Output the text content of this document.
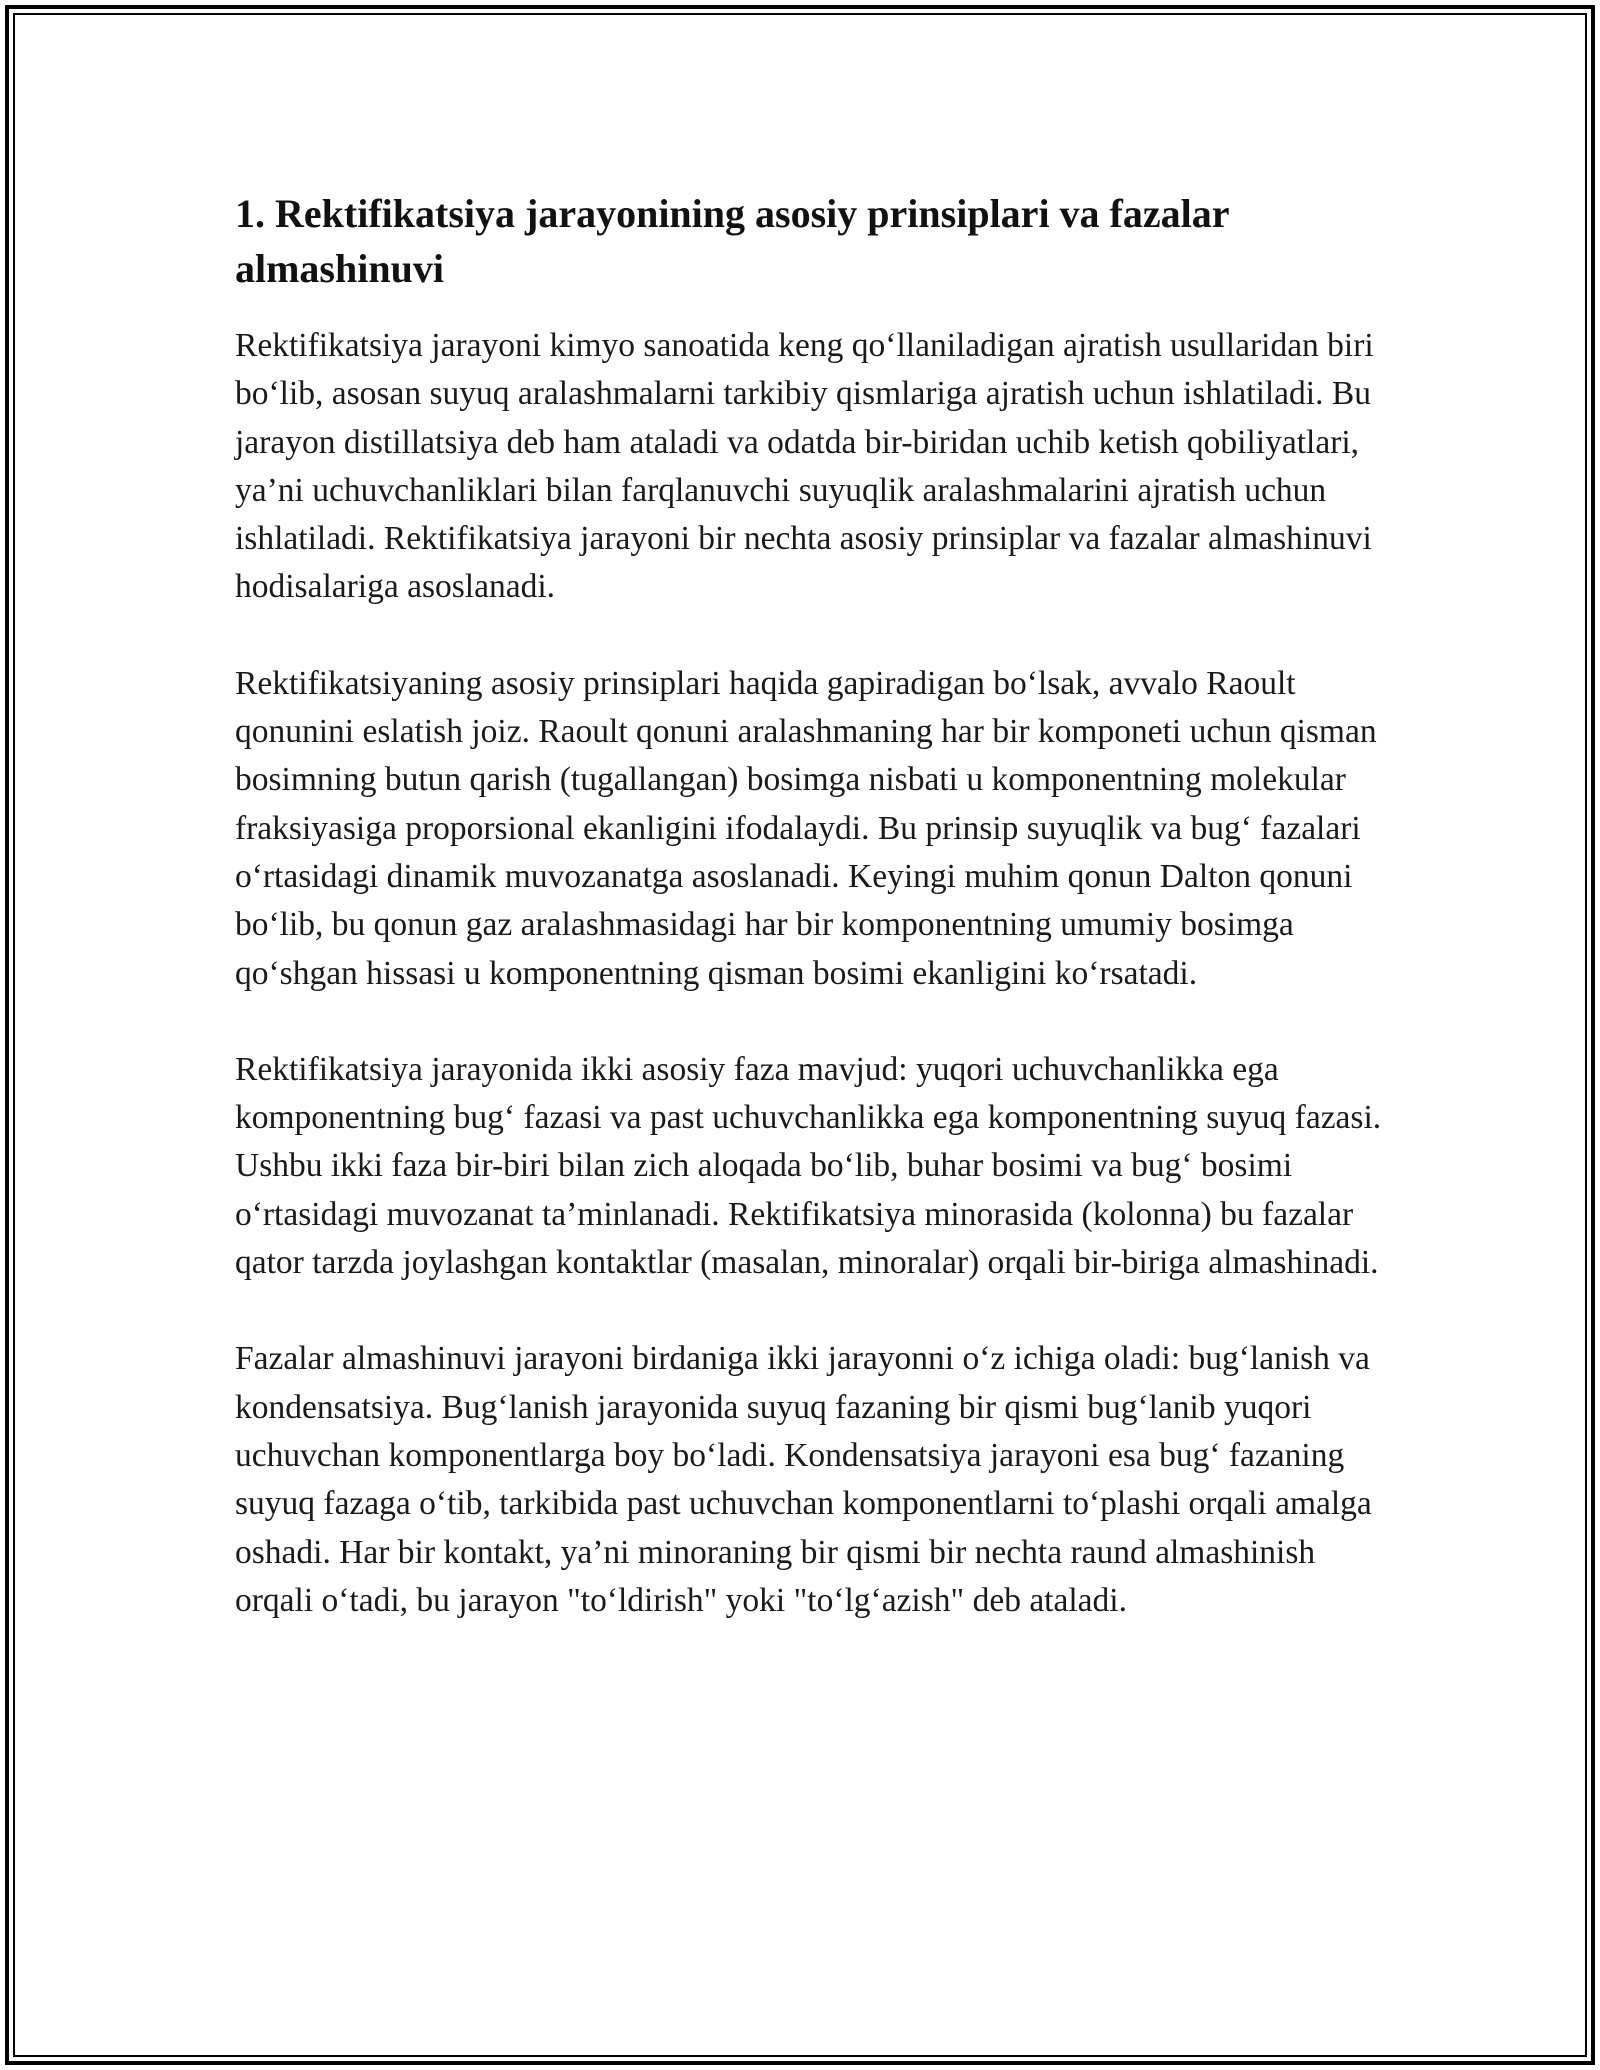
1. Rektifikatsiya jarayonining asosiy prinsiplari va fazalar almashinuvi

Rektifikatsiya jarayoni kimyo sanoatida keng qo‘llaniladigan ajratish usullaridan biri bo‘lib, asosan suyuq aralashmalarni tarkibiy qismlariga ajratish uchun ishlatiladi. Bu jarayon distillatsiya deb ham ataladi va odatda bir-biridan uchib ketish qobiliyatlari, ya’ni uchuvchanliklari bilan farqlanuvchi suyuqlik aralashmalarini ajratish uchun ishlatiladi. Rektifikatsiya jarayoni bir nechta asosiy prinsiplar va fazalar almashinuvi hodisalariga asoslanadi.

Rektifikatsiyaning asosiy prinsiplari haqida gapiradigan bo‘lsak, avvalo Raoult qonunini eslatish joiz. Raoult qonuni aralashmaning har bir komponeti uchun qisman bosimning butun qarish (tugallangan) bosimga nisbati u komponentning molekular fraksiyasiga proporsional ekanligini ifodalaydi. Bu prinsip suyuqlik va bug‘ fazalari o‘rtasidagi dinamik muvozanatga asoslanadi. Keyingi muhim qonun Dalton qonuni bo‘lib, bu qonun gaz aralashmasidagi har bir komponentning umumiy bosimga qo‘shgan hissasi u komponentning qisman bosimi ekanligini ko‘rsatadi.

Rektifikatsiya jarayonida ikki asosiy faza mavjud: yuqori uchuvchanlikka ega komponentning bug‘ fazasi va past uchuvchanlikka ega komponentning suyuq fazasi. Ushbu ikki faza bir-biri bilan zich aloqada bo‘lib, buhar bosimi va bug‘ bosimi o‘rtasidagi muvozanat ta’minlanadi. Rektifikatsiya minorasida (kolonna) bu fazalar qator tarzda joylashgan kontaktlar (masalan, minoralar) orqali bir-biriga almashinadi.

Fazalar almashinuvi jarayoni birdaniga ikki jarayonni o‘z ichiga oladi: bug‘lanish va kondensatsiya. Bug‘lanish jarayonida suyuq fazaning bir qismi bug‘lanib yuqori uchuvchan komponentlarga boy bo‘ladi. Kondensatsiya jarayoni esa bug‘ fazaning suyuq fazaga o‘tib, tarkibida past uchuvchan komponentlarni to‘plashi orqali amalga oshadi. Har bir kontakt, ya’ni minoraning bir qismi bir nechta raund almashinish orqali o‘tadi, bu jarayon "to‘ldirish" yoki "to‘lg‘azish" deb ataladi.
